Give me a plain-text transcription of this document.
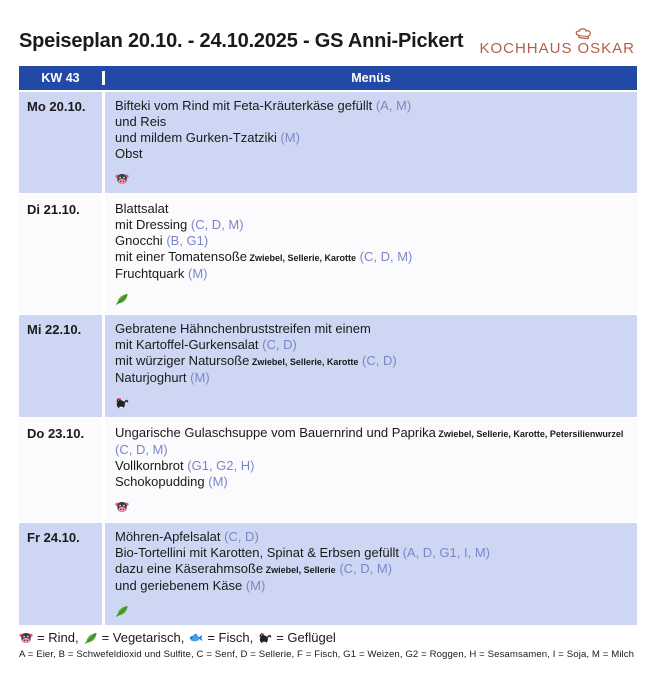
Speiseplan 20.10. - 24.10.2025 - GS Anni-Pickert KOCHHAUS OSKAR
KW 43	Menüs
Mo 20.10.	Bifteki vom Rind mit Feta-Kräuterkäse gefüllt (A, M)
und Reis
und mildem Gurken-Tzatziki (M)
Obst
Di 21.10.	Blattsalat
mit Dressing (C, D, M)
Gnocchi (B, G1)
mit einer Tomatensoße Zwiebel, Sellerie, Karotte (C, D, M)
Fruchtquark (M)
Mi 22.10.	Gebratene Hähnchenbruststreifen mit einem
mit Kartoffel-Gurkensalat (C, D)
mit würziger Natursoße Zwiebel, Sellerie, Karotte (C, D)
Naturjoghurt (M)
Do 23.10.	Ungarische Gulaschsuppe vom Bauernrind und Paprika Zwiebel, Sellerie, Karotte, Petersilienwurzel
(C, D, M)
Vollkornbrot (G1, G2, H)
Schokopudding (M)
Fr 24.10.	Möhren-Apfelsalat (C, D)
Bio-Tortellini mit Karotten, Spinat & Erbsen gefüllt (A, D, G1, I, M)
dazu eine Käserahmsoße Zwiebel, Sellerie (C, D, M)
und geriebenem Käse (M)
= Rind, = Vegetarisch, = Fisch, = Geflügel
A = Eier, B = Schwefeldioxid und Sulfite, C = Senf, D = Sellerie, F = Fisch, G1 = Weizen, G2 = Roggen, H = Sesamsamen, I = Soja, M = Milch
